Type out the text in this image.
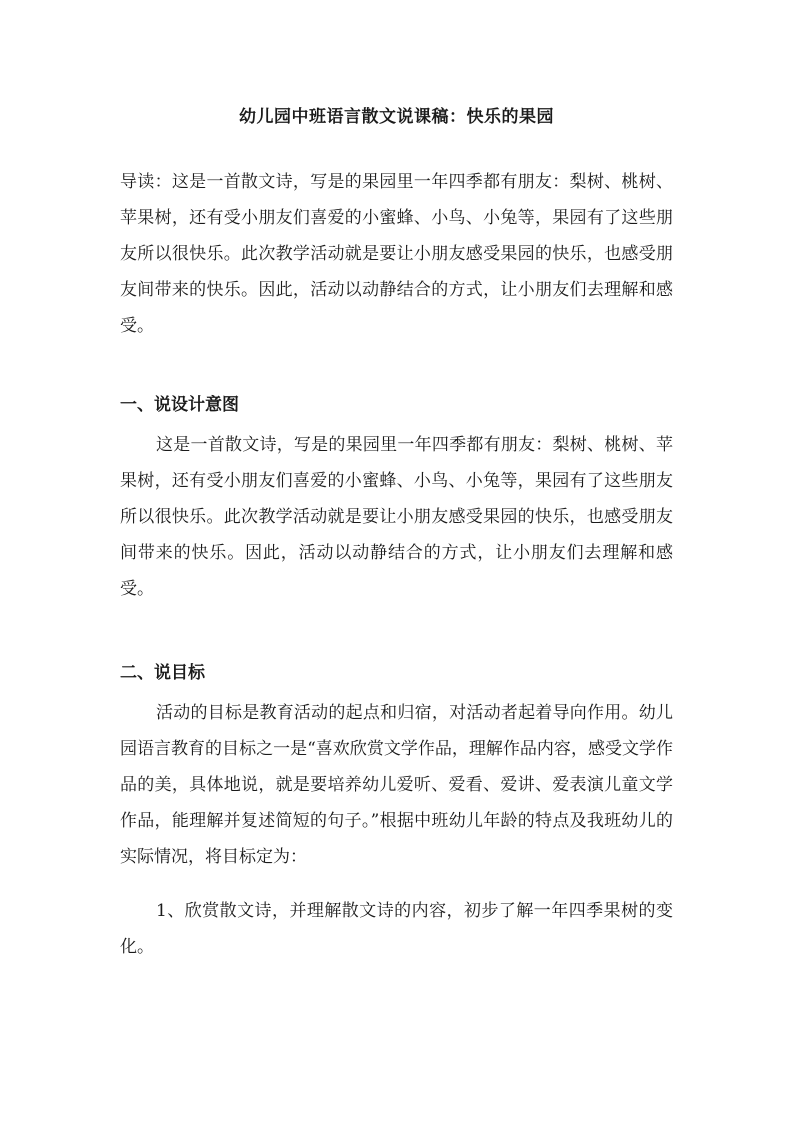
幼儿园中班语言散文说课稿：快乐的果园

导读：这是一首散文诗，写是的果园里一年四季都有朋友：梨树、桃树、苹果树，还有受小朋友们喜爱的小蜜蜂、小鸟、小兔等，果园有了这些朋友所以很快乐。此次教学活动就是要让小朋友感受果园的快乐，也感受朋友间带来的快乐。因此，活动以动静结合的方式，让小朋友们去理解和感受。

一、说设计意图

这是一首散文诗，写是的果园里一年四季都有朋友：梨树、桃树、苹果树，还有受小朋友们喜爱的小蜜蜂、小鸟、小兔等，果园有了这些朋友所以很快乐。此次教学活动就是要让小朋友感受果园的快乐，也感受朋友间带来的快乐。因此，活动以动静结合的方式，让小朋友们去理解和感受。

二、说目标

活动的目标是教育活动的起点和归宿，对活动者起着导向作用。幼儿园语言教育的目标之一是“喜欢欣赏文学作品，理解作品内容，感受文学作品的美，具体地说，就是要培养幼儿爱听、爱看、爱讲、爱表演儿童文学作品，能理解并复述简短的句子。”根据中班幼儿年龄的特点及我班幼儿的实际情况，将目标定为：

1、欣赏散文诗，并理解散文诗的内容，初步了解一年四季果树的变化。
